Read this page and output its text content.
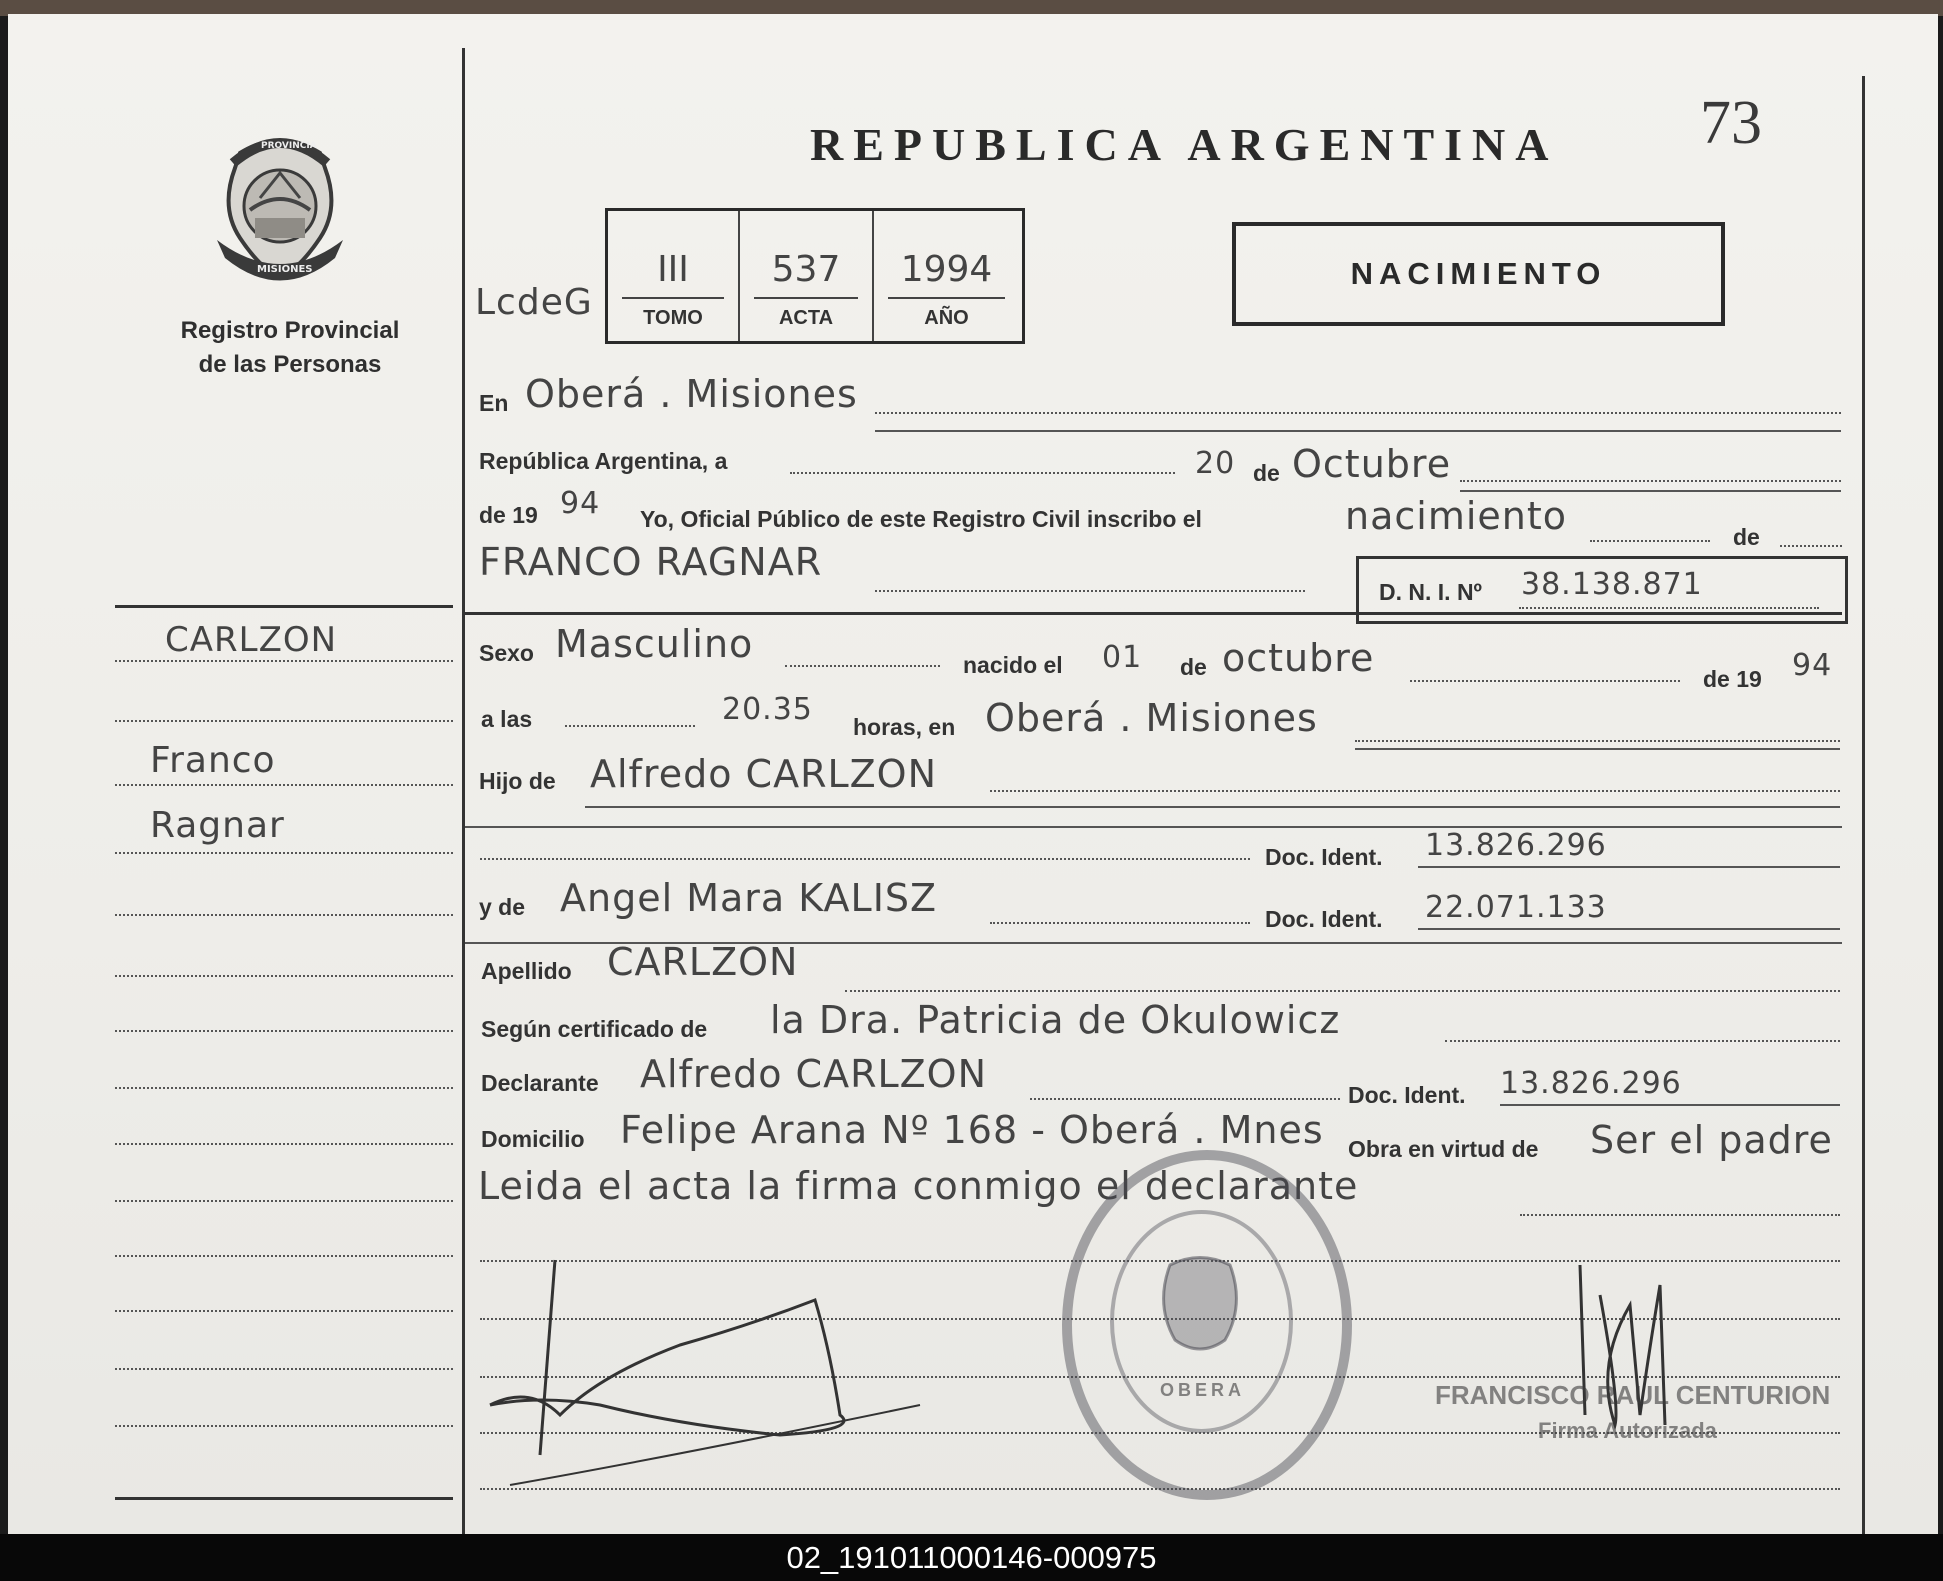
73
REPUBLICA ARGENTINA
NACIMIENTO
PROVINCIA
MISIONES
Registro Provincial
de las Personas
LcdeG
III
TOMO
537
ACTA
1994
AÑO
CARLZON
Franco
Ragnar
En Oberá . Misiones
República Argentina, a	20 de Octubre
de 19 94 Yo, Oficial Público de este Registro Civil inscribo el	nacimiento	de
FRANCO RAGNAR
D. N. I. Nº 38.138.871
Sexo Masculino	nacido el 01 de octubre	de 19 94
a las	20.35 horas, en Oberá . Misiones
Hijo de Alfredo CARLZON
Doc. Ident. 13.826.296
y de Angel Mara KALISZ	Doc. Ident. 22.071.133
Apellido CARLZON
Según certificado de la Dra. Patricia de Okulowicz
Declarante Alfredo CARLZON	Doc. Ident. 13.826.296
Domicilio Felipe Arana Nº 168 - Oberá . Mnes Obra en virtud de Ser el padre
Leida el acta la firma conmigo el declarante
OBERA	FRANCISCO RAUL CENTURION
Firma Autorizada
02_191011000146-000975
